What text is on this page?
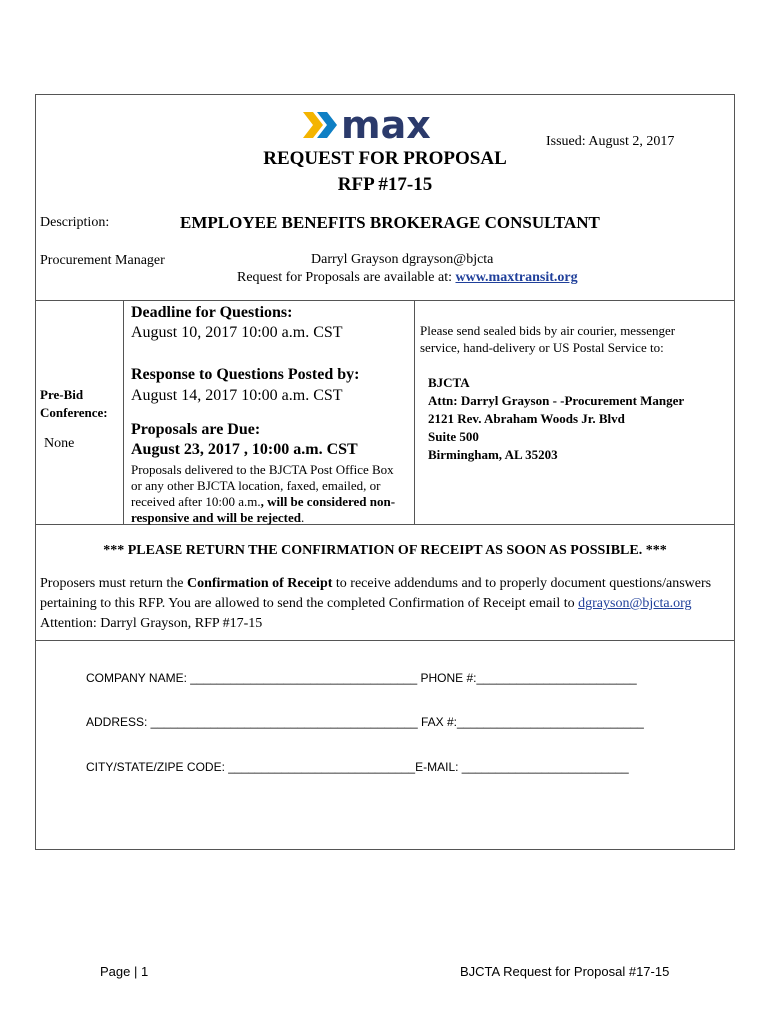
max	Issued: August 2, 2017
REQUEST FOR PROPOSAL
RFP #17-15
Description:	EMPLOYEE BENEFITS BROKERAGE CONSULTANT
Procurement Manager	Darryl Grayson dgrayson@bjcta
Request for Proposals are available at: www.maxtransit.org
Pre-Bid
Conference:
None
Deadline for Questions:
August 10, 2017 10:00 a.m. CST
Response to Questions Posted by:
August 14, 2017 10:00 a.m. CST
Proposals are Due:
August 23, 2017 , 10:00 a.m. CST
Proposals delivered to the BJCTA Post Office Box
or any other BJCTA location, faxed, emailed, or
received after 10:00 a.m., will be considered non-
responsive and will be rejected.
Please send sealed bids by air courier, messenger
service, hand-delivery or US Postal Service to:
BJCTA
Attn: Darryl Grayson - -Procurement Manger
2121 Rev. Abraham Woods Jr. Blvd
Suite 500
Birmingham, AL 35203
*** PLEASE RETURN THE CONFIRMATION OF RECEIPT AS SOON AS POSSIBLE. ***
Proposers must return the Confirmation of Receipt to receive addendums and to properly document questions/answers pertaining to this RFP. You are allowed to send the completed Confirmation of Receipt email to dgrayson@bjcta.org Attention: Darryl Grayson, RFP #17-15
COMPANY NAME: __________________________________ PHONE #:________________________
ADDRESS: ________________________________________ FAX #:____________________________
CITY/STATE/ZIPE CODE: ____________________________E-MAIL: _________________________
Page | 1	BJCTA Request for Proposal #17-15
